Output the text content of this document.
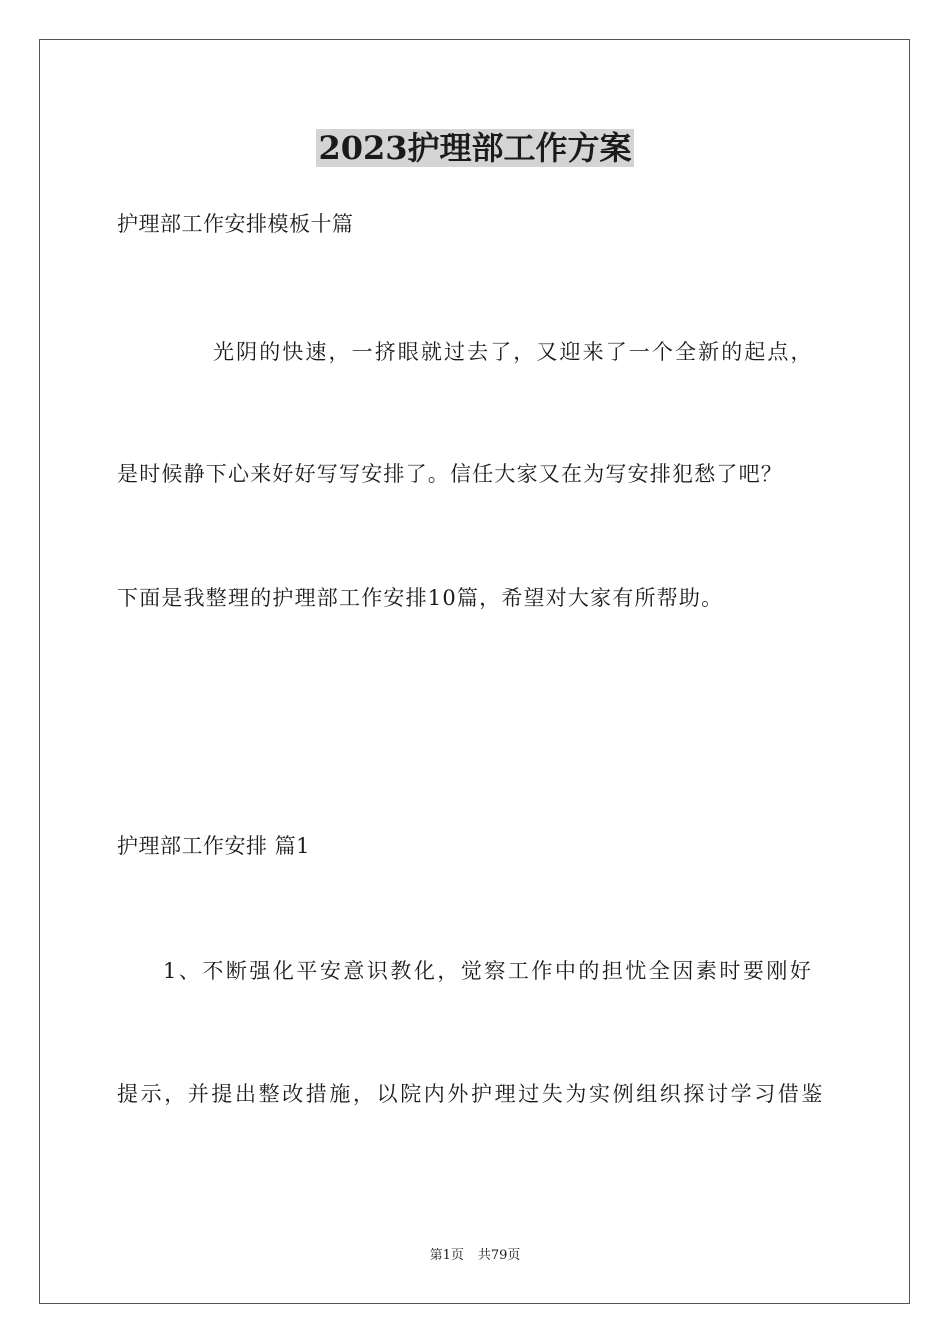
2023护理部工作方案
护理部工作安排模板十篇
光阴的快速，一挤眼就过去了，又迎来了一个全新的起点，
是时候静下心来好好写写安排了。信任大家又在为写安排犯愁了吧？
下面是我整理的护理部工作安排10篇，希望对大家有所帮助。
护理部工作安排 篇1
1、不断强化平安意识教化，觉察工作中的担忧全因素时要刚好
提示，并提出整改措施，以院内外护理过失为实例组织探讨学习借鉴
第1页 共79页
